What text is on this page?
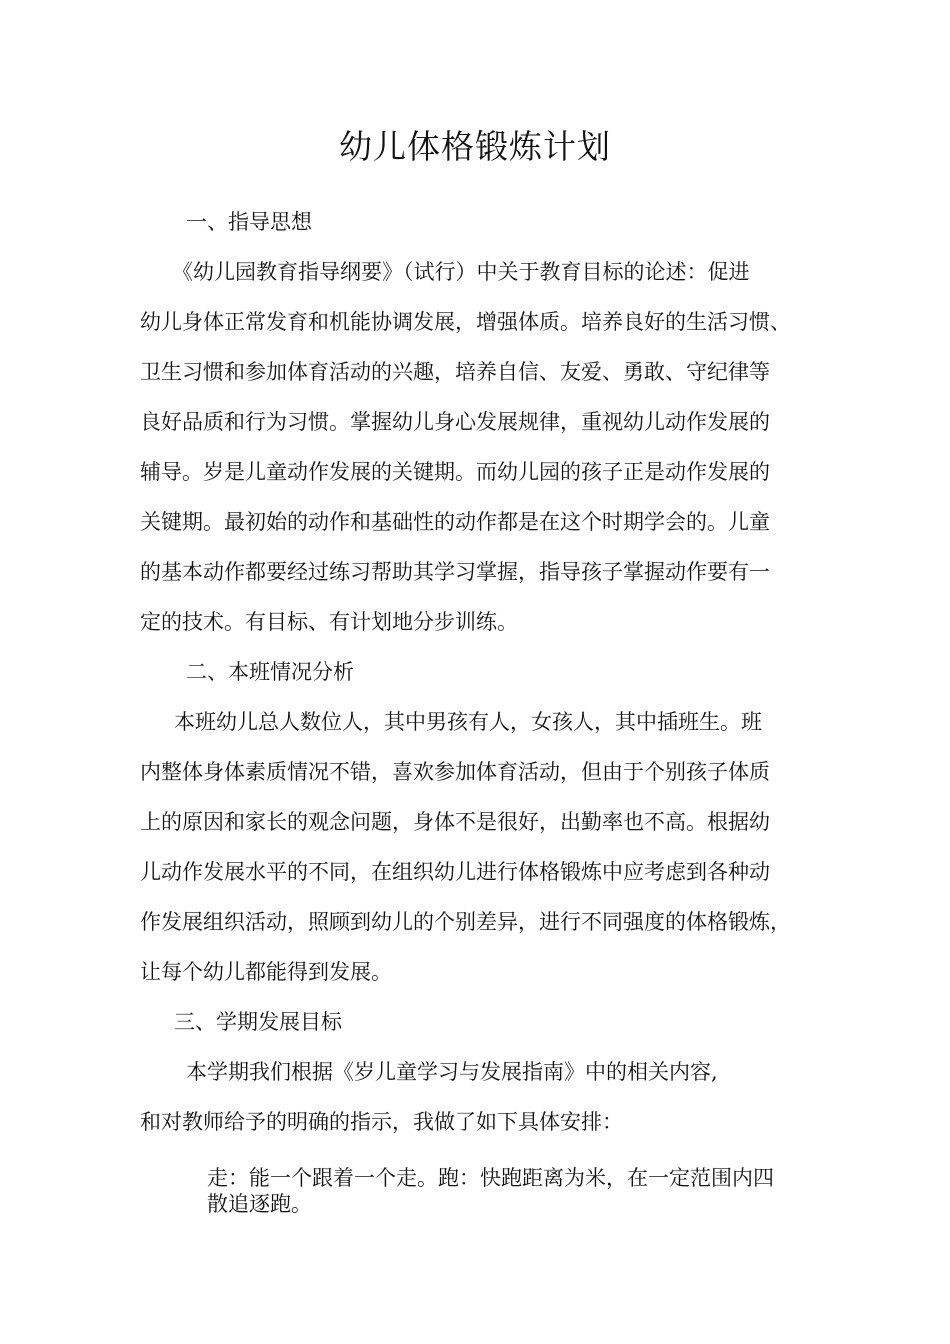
幼儿体格锻炼计划
一、指导思想
《幼儿园教育指导纲要》（试行）中关于教育目标的论述：促进
幼儿身体正常发育和机能协调发展，增强体质。培养良好的生活习惯、
卫生习惯和参加体育活动的兴趣，培养自信、友爱、勇敢、守纪律等
良好品质和行为习惯。掌握幼儿身心发展规律，重视幼儿动作发展的
辅导。岁是儿童动作发展的关键期。而幼儿园的孩子正是动作发展的
关键期。最初始的动作和基础性的动作都是在这个时期学会的。儿童
的基本动作都要经过练习帮助其学习掌握，指导孩子掌握动作要有一
定的技术。有目标、有计划地分步训练。
二、本班情况分析
本班幼儿总人数位人，其中男孩有人，女孩人，其中插班生。班
内整体身体素质情况不错，喜欢参加体育活动，但由于个别孩子体质
上的原因和家长的观念问题，身体不是很好，出勤率也不高。根据幼
儿动作发展水平的不同，在组织幼儿进行体格锻炼中应考虑到各种动
作发展组织活动，照顾到幼儿的个别差异，进行不同强度的体格锻炼，
让每个幼儿都能得到发展。
三、学期发展目标
本学期我们根据《岁儿童学习与发展指南》中的相关内容,
和对教师给予的明确的指示，我做了如下具体安排：
走：能一个跟着一个走。跑：快跑距离为米，在一定范围内四
散追逐跑。
